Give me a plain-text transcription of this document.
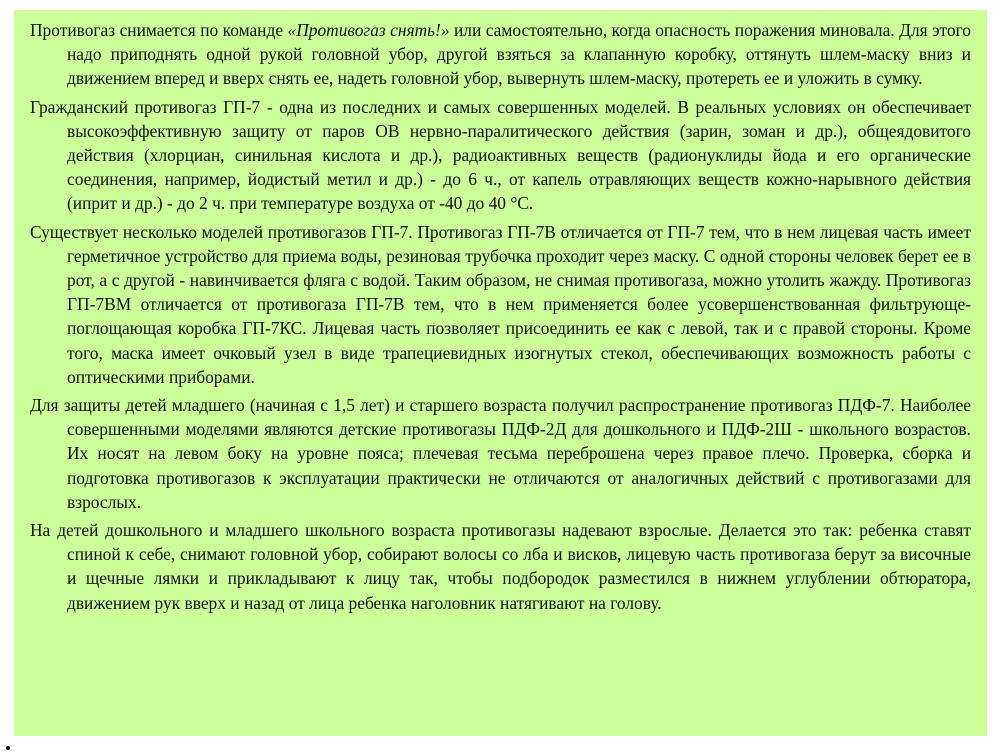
Противогаз снимается по команде «Противогаз снять!» или самостоятельно, когда опасность поражения миновала. Для этого надо приподнять одной рукой головной убор, другой взяться за клапанную коробку, оттянуть шлем-маску вниз и движением вперед и вверх снять ее, надеть головной убор, вывернуть шлем-маску, протереть ее и уложить в сумку.

Гражданский противогаз ГП-7 - одна из последних и самых совершенных моделей. В реальных условиях он обеспечивает высокоэффективную защиту от паров ОВ нервно-паралитического действия (зарин, зоман и др.), общеядовитого действия (хлорциан, синильная кислота и др.), радиоактивных веществ (радионуклиды йода и его органические соединения, например, йодистый метил и др.) - до 6 ч., от капель отравляющих веществ кожно-нарывного действия (иприт и др.) - до 2 ч. при температуре воздуха от -40 до 40 °С.

Существует несколько моделей противогазов ГП-7. Противогаз ГП-7В отличается от ГП-7 тем, что в нем лицевая часть имеет герметичное устройство для приема воды, резиновая трубочка проходит через маску. С одной стороны человек берет ее в рот, а с другой - навинчивается фляга с водой. Таким образом, не снимая противогаза, можно утолить жажду. Противогаз ГП-7ВМ отличается от противогаза ГП-7В тем, что в нем применяется более усовершенствованная фильтрующе-поглощающая коробка ГП-7КС. Лицевая часть позволяет присоединить ее как с левой, так и с правой стороны. Кроме того, маска имеет очковый узел в виде трапециевидных изогнутых стекол, обеспечивающих возможность работы с оптическими приборами.

Для защиты детей младшего (начиная с 1,5 лет) и старшего возраста получил распространение противогаз ПДФ-7. Наиболее совершенными моделями являются детские противогазы ПДФ-2Д для дошкольного и ПДФ-2Ш - школьного возрастов. Их носят на левом боку на уровне пояса; плечевая тесьма переброшена через правое плечо. Проверка, сборка и подготовка противогазов к эксплуатации практически не отличаются от аналогичных действий с противогазами для взрослых.

На детей дошкольного и младшего школьного возраста противогазы надевают взрослые. Делается это так: ребенка ставят спиной к себе, снимают головной убор, собирают волосы со лба и висков, лицевую часть противогаза берут за височные и щечные лямки и прикладывают к лицу так, чтобы подбородок разместился в нижнем углублении обтюратора, движением рук вверх и назад от лица ребенка наголовник натягивают на голову.
